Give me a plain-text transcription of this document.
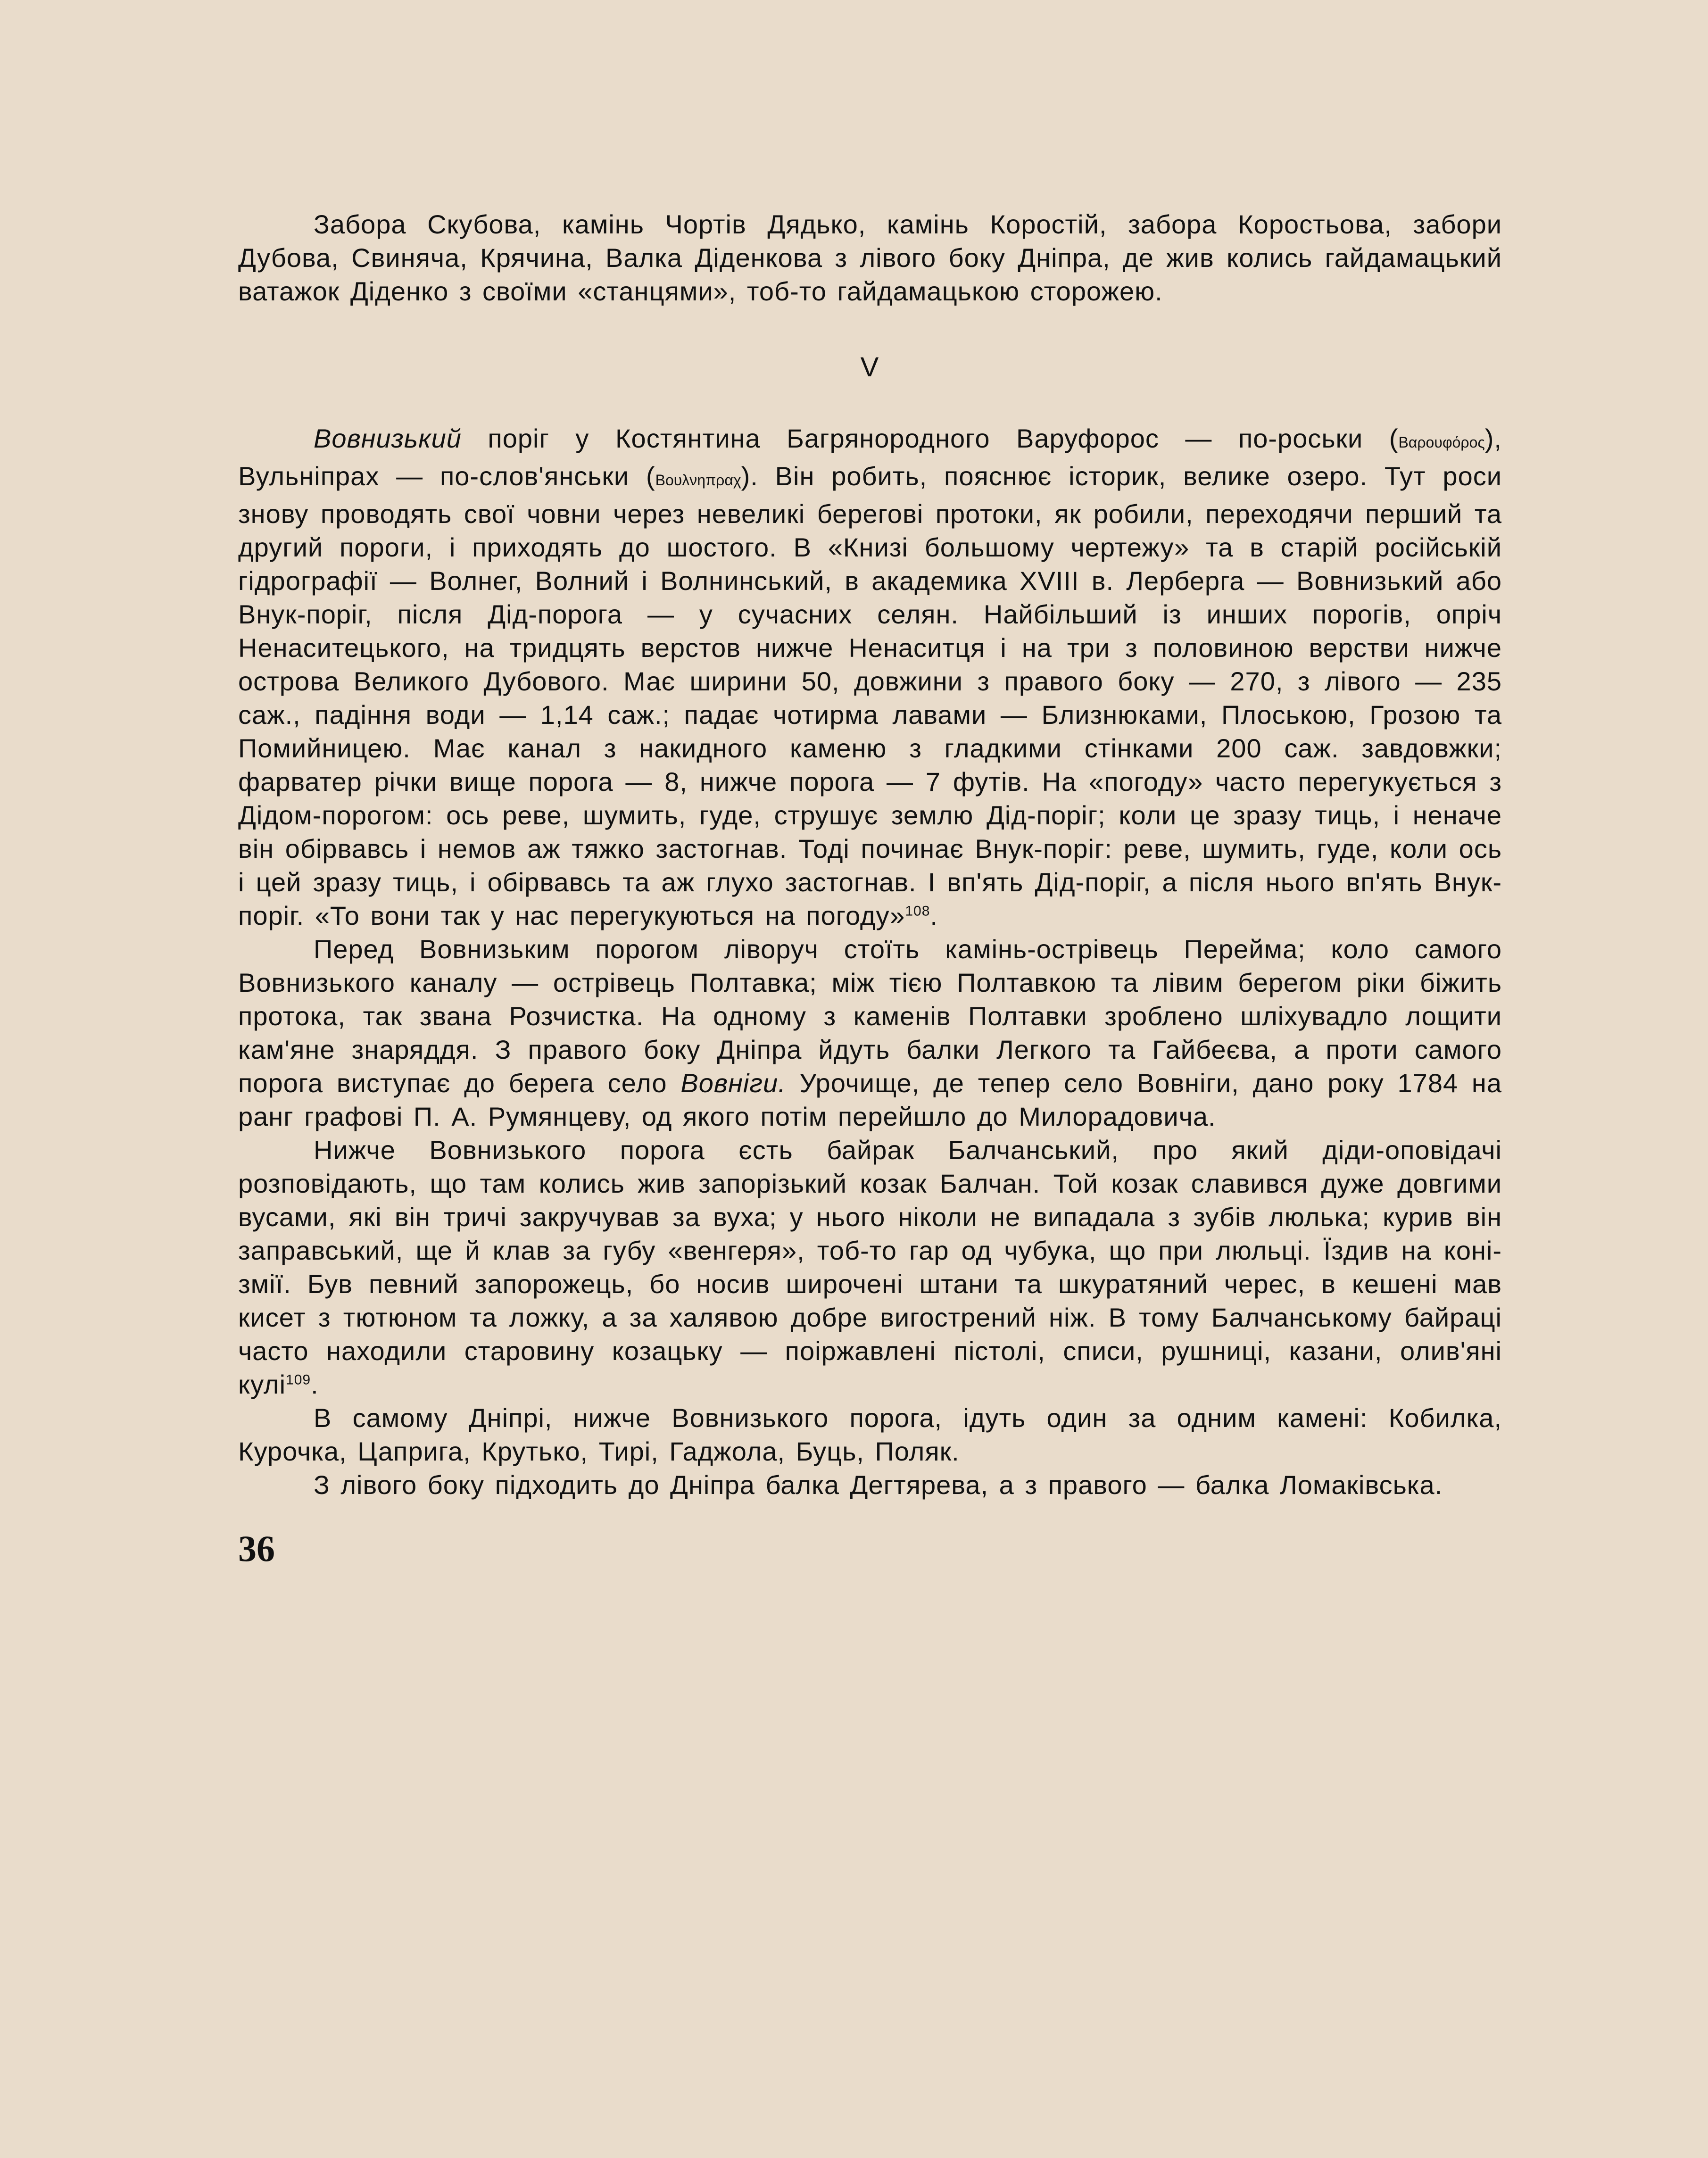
Забора Скубова, камінь Чортів Дядько, камінь Коростій, забора Коростьова, забори Дубова, Свиняча, Крячина, Валка Діденкова з лівого боку Дніпра, де жив колись гайдамацький ватажок Діденко з своїми «станцями», тоб-то гайдамацькою сторожею.

V

Вовнизький поріг у Костянтина Багрянородного Варуфорос — по-роськи (Βαρουφόρος), Вульніпрах — по-слов'янськи (Βουλνηπραχ). Він робить, пояснює історик, велике озеро. Тут роси знову проводять свої човни через невеликі берегові протоки, як робили, переходячи перший та другий пороги, і приходять до шостого. В «Книзі большому чертежу» та в старій російській гідрографії — Волнег, Волний і Волнинський, в академика XVIII в. Лерберга — Вовнизький або Внук-поріг, після Дід-порога — у сучасних селян. Найбільший із инших порогів, опріч Ненаситецького, на тридцять верстов нижче Ненаситця і на три з половиною верстви нижче острова Великого Дубового. Має ширини 50, довжини з правого боку — 270, з лівого — 235 саж., падіння води — 1,14 саж.; падає чотирма лавами — Близнюками, Плоською, Грозою та Помийницею. Має канал з накидного каменю з гладкими стінками 200 саж. завдовжки; фарватер річки вище порога — 8, нижче порога — 7 футів. На «погоду» часто перегукується з Дідом-порогом: ось реве, шумить, гуде, струшує землю Дід-поріг; коли це зразу тиць, і неначе він обірвавсь і немов аж тяжко застогнав. Тоді починає Внук-поріг: реве, шумить, гуде, коли ось і цей зразу тиць, і обірвавсь та аж глухо застогнав. І вп'ять Дід-поріг, а після нього вп'ять Внук-поріг. «То вони так у нас перегукуються на погоду»$^{108}$.

Перед Вовнизьким порогом ліворуч стоїть камінь-острівець Перейма; коло самого Вовнизького каналу — острівець Полтавка; між тією Полтавкою та лівим берегом ріки біжить протока, так звана Розчистка. На одному з каменів Полтавки зроблено шліхувадло лощити кам'яне знаряддя. З правого боку Дніпра йдуть балки Легкого та Гайбеєва, а проти самого порога виступає до берега село Вовніги. Урочище, де тепер село Вовніги, дано року 1784 на ранг графові П. А. Румянцеву, од якого потім перейшло до Милорадовича.

Нижче Вовнизького порога єсть байрак Балчанський, про який діди-оповідачі розповідають, що там колись жив запорізький козак Балчан. Той козак славився дуже довгими вусами, які він тричі закручував за вуха; у нього ніколи не випадала з зубів люлька; курив він заправський, ще й клав за губу «венгеря», тоб-то гар од чубука, що при люльці. Їздив на коні-змії. Був певний запорожець, бо носив широчені штани та шкуратяний черес, в кешені мав кисет з тютюном та ложку, а за халявою добре вигострений ніж. В тому Балчанському байраці часто находили старовину козацьку — поіржавлені пістолі, списи, рушниці, казани, олив'яні кулі$^{109}$.

В самому Дніпрі, нижче Вовнизького порога, ідуть один за одним камені: Кобилка, Курочка, Цаприга, Крутько, Тирі, Гаджола, Буць, Поляк.

З лівого боку підходить до Дніпра балка Дегтярева, а з правого — балка Ломаківська.

36
